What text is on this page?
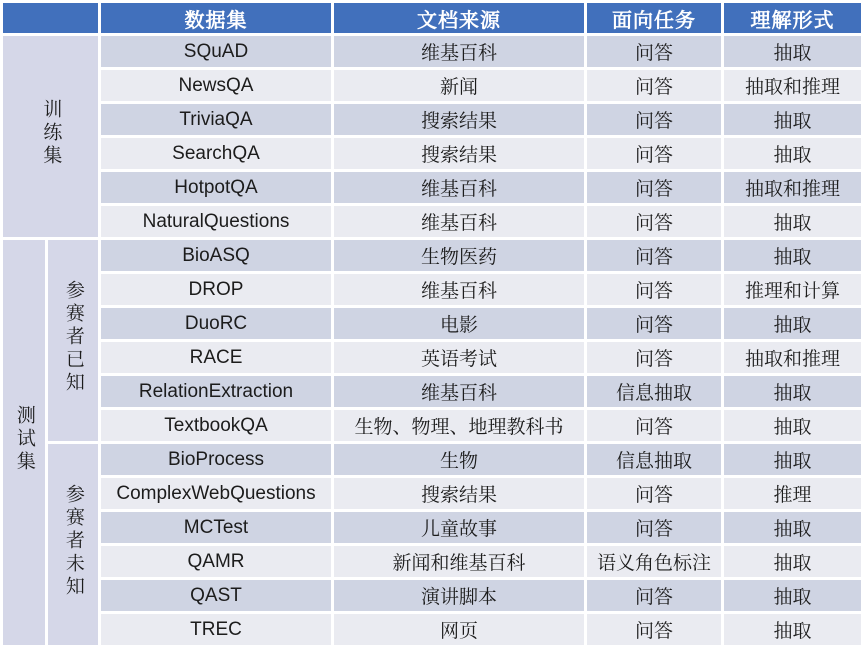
		数据集	文档来源	面向任务	理解形式
训练集		SQuAD	维基百科	问答	抽取
		NewsQA	新闻	问答	抽取和推理
		TriviaQA	搜索结果	问答	抽取
		SearchQA	搜索结果	问答	抽取
		HotpotQA	维基百科	问答	抽取和推理
		NaturalQuestions	维基百科	问答	抽取
测试集	参赛者已知	BioASQ	生物医药	问答	抽取
		DROP	维基百科	问答	推理和计算
		DuoRC	电影	问答	抽取
		RACE	英语考试	问答	抽取和推理
		RelationExtraction	维基百科	信息抽取	抽取
		TextbookQA	生物、物理、地理教科书	问答	抽取
	参赛者未知	BioProcess	生物	信息抽取	抽取
		ComplexWebQuestions	搜索结果	问答	推理
		MCTest	儿童故事	问答	抽取
		QAMR	新闻和维基百科	语义角色标注	抽取
		QAST	演讲脚本	问答	抽取
		TREC	网页	问答	抽取
